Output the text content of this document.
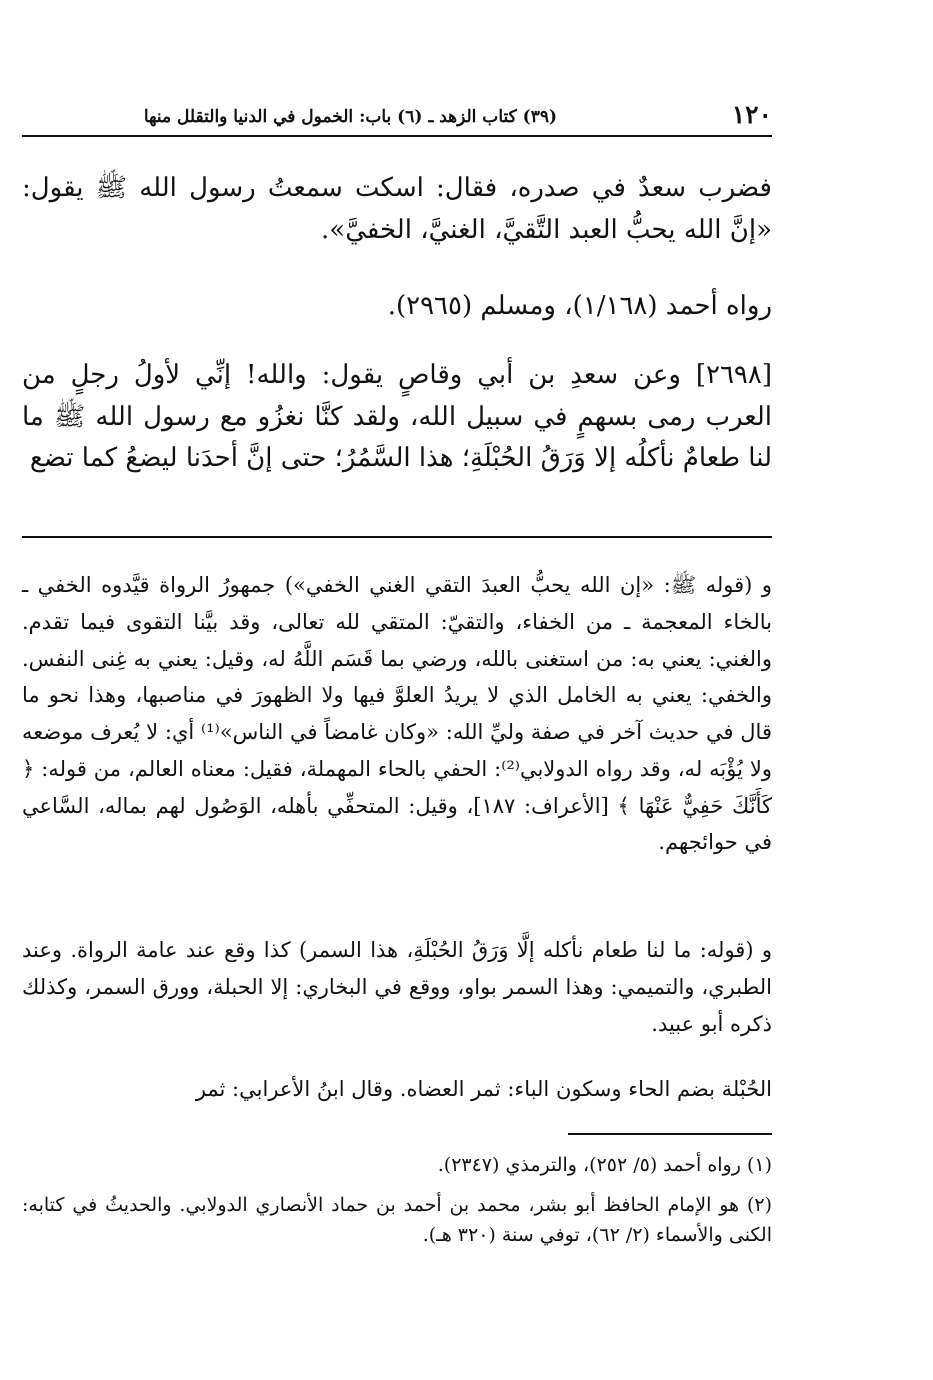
١٢٠
(٣٩) كتاب الزهد ـ (٦) باب: الخمول في الدنيا والتقلل منها

فضرب سعدٌ في صدره، فقال: اسكت سمعتُ رسول الله ﷺ يقول: «إنَّ الله يحبُّ العبد التَّقيَّ، الغنيَّ، الخفيَّ».

رواه أحمد (١/١٦٨)، ومسلم (٢٩٦٥).

[٢٦٩٨] وعن سعدِ بن أبي وقاصٍ يقول: والله! إنِّي لأولُ رجلٍ من العرب رمى بسهمٍ في سبيل الله، ولقد كنَّا نغزُو مع رسول الله ﷺ ما لنا طعامٌ نأكلُه إلا وَرَقُ الحُبْلَةِ؛ هذا السَّمُرُ؛ حتى إنَّ أحدَنا ليضعُ كما تضع

و (قوله ﷺ: «إن الله يحبُّ العبدَ التقي الغني الخفي») جمهورُ الرواة قيَّدوه الخفي ـ بالخاء المعجمة ـ من الخفاء، والتقيّ: المتقي لله تعالى، وقد بيَّنا التقوى فيما تقدم. والغني: يعني به: من استغنى بالله، ورضي بما قَسَم اللَّهُ له، وقيل: يعني به غِنى النفس. والخفي: يعني به الخامل الذي لا يريدُ العلوَّ فيها ولا الظهورَ في مناصبها، وهذا نحو ما قال في حديث آخر في صفة وليِّ الله: «وكان غامضاً في الناس»⁽¹⁾ أي: لا يُعرف موضعه ولا يُؤْبَه له، وقد رواه الدولابي⁽²⁾: الحفي بالحاء المهملة، فقيل: معناه العالم، من قوله: ﴿ كَأَنَّكَ حَفِيٌّ عَنْهَا ﴾ [الأعراف: ١٨٧]، وقيل: المتحفِّي بأهله، الوَصُول لهم بماله، السَّاعي في حوائجهم.

و (قوله: ما لنا طعام نأكله إلَّا وَرَقُ الحُبْلَةِ، هذا السمر) كذا وقع عند عامة الرواة. وعند الطبري، والتميمي: وهذا السمر بواو، ووقع في البخاري: إلا الحبلة، وورق السمر، وكذلك ذكره أبو عبيد.

الحُبْلة بضم الحاء وسكون الباء: ثمر العضاه. وقال ابنُ الأعرابي: ثمر

(١) رواه أحمد (٥/ ٢٥٢)، والترمذي (٢٣٤٧).

(٢) هو الإمام الحافظ أبو بشر، محمد بن أحمد بن حماد الأنصاري الدولابي. والحديثُ في كتابه: الكنى والأسماء (٢/ ٦٢)، توفي سنة (٣٢٠ هـ).
